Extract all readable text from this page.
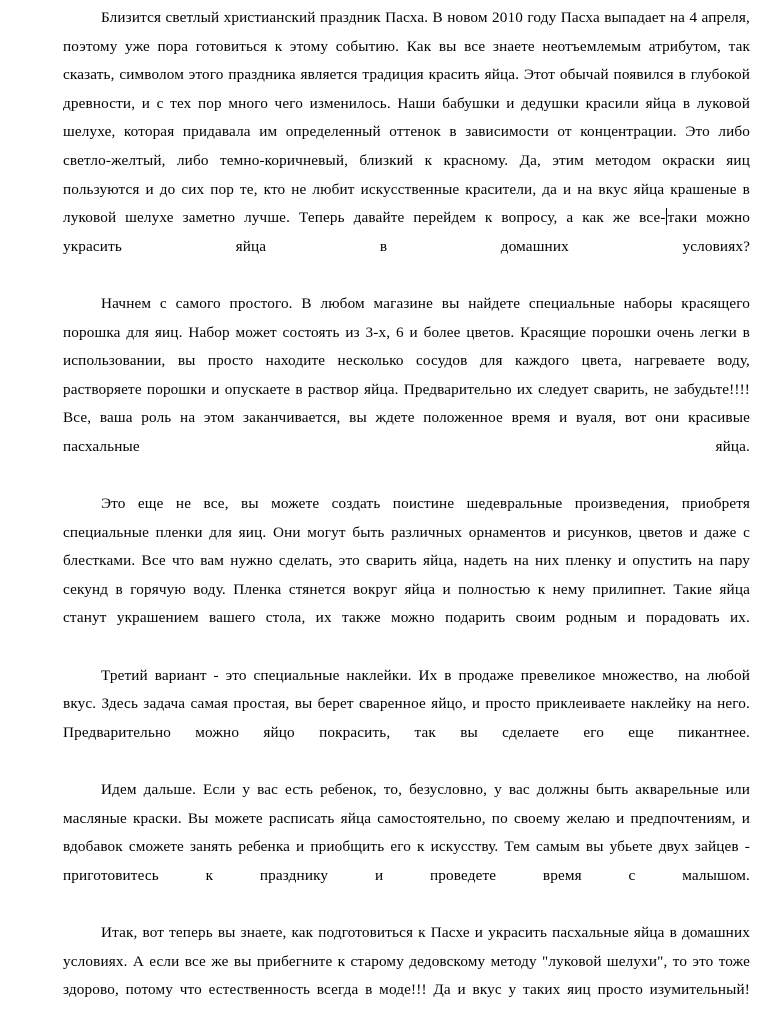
Близится светлый христианский праздник Пасха. В новом 2010 году Пасха выпадает на 4 апреля, поэтому уже пора готовиться к этому событию. Как вы все знаете неотъемлемым атрибутом, так сказать, символом этого праздника является традиция красить яйца. Этот обычай появился в глубокой древности, и с тех пор много чего изменилось. Наши бабушки и дедушки красили яйца в луковой шелухе, которая придавала им определенный оттенок в зависимости от концентрации. Это либо светло-желтый, либо темно-коричневый, близкий к красному. Да, этим методом окраски яиц пользуются и до сих пор те, кто не любит искусственные красители, да и на вкус яйца крашеные в луковой шелухе заметно лучше. Теперь давайте перейдем к вопросу, а как же все- таки можно украсить яйца в домашних условиях?

Начнем с самого простого. В любом магазине вы найдете специальные наборы красящего порошка для яиц. Набор может состоять из 3-х, 6 и более цветов. Красящие порошки очень легки в использовании, вы просто находите несколько сосудов для каждого цвета, нагреваете воду, растворяете порошки и опускаете в раствор яйца. Предварительно их следует сварить, не забудьте!!!! Все, ваша роль на этом заканчивается, вы ждете положенное время и вуаля, вот они красивые пасхальные яйца.

Это еще не все, вы можете создать поистине шедевральные произведения, приобретя специальные пленки для яиц. Они могут быть различных орнаментов и рисунков, цветов и даже с блестками. Все что вам нужно сделать, это сварить яйца, надеть на них пленку и опустить на пару секунд в горячую воду. Пленка стянется вокруг яйца и полностью к нему прилипнет. Такие яйца станут украшением вашего стола, их также можно подарить своим родным и порадовать их.

Третий вариант - это специальные наклейки. Их в продаже превеликое множество, на любой вкус. Здесь задача самая простая, вы берет сваренное яйцо, и просто приклеиваете наклейку на него. Предварительно можно яйцо покрасить, так вы сделаете его еще пикантнее.

Идем дальше. Если у вас есть ребенок, то, безусловно, у вас должны быть акварельные или масляные краски. Вы можете расписать яйца самостоятельно, по своему желаю и предпочтениям, и вдобавок сможете занять ребенка и приобщить его к искусству. Тем самым вы убьете двух зайцев - приготовитесь к празднику и проведете время с малышом.

Итак, вот теперь вы знаете, как подготовиться к Пасхе и украсить пасхальные яйца в домашних условиях. А если все же вы прибегните к старому дедовскому методу "луковой шелухи", то это тоже здорово, потому что естественность всегда в моде!!! Да и вкус у таких яиц просто изумительный!
